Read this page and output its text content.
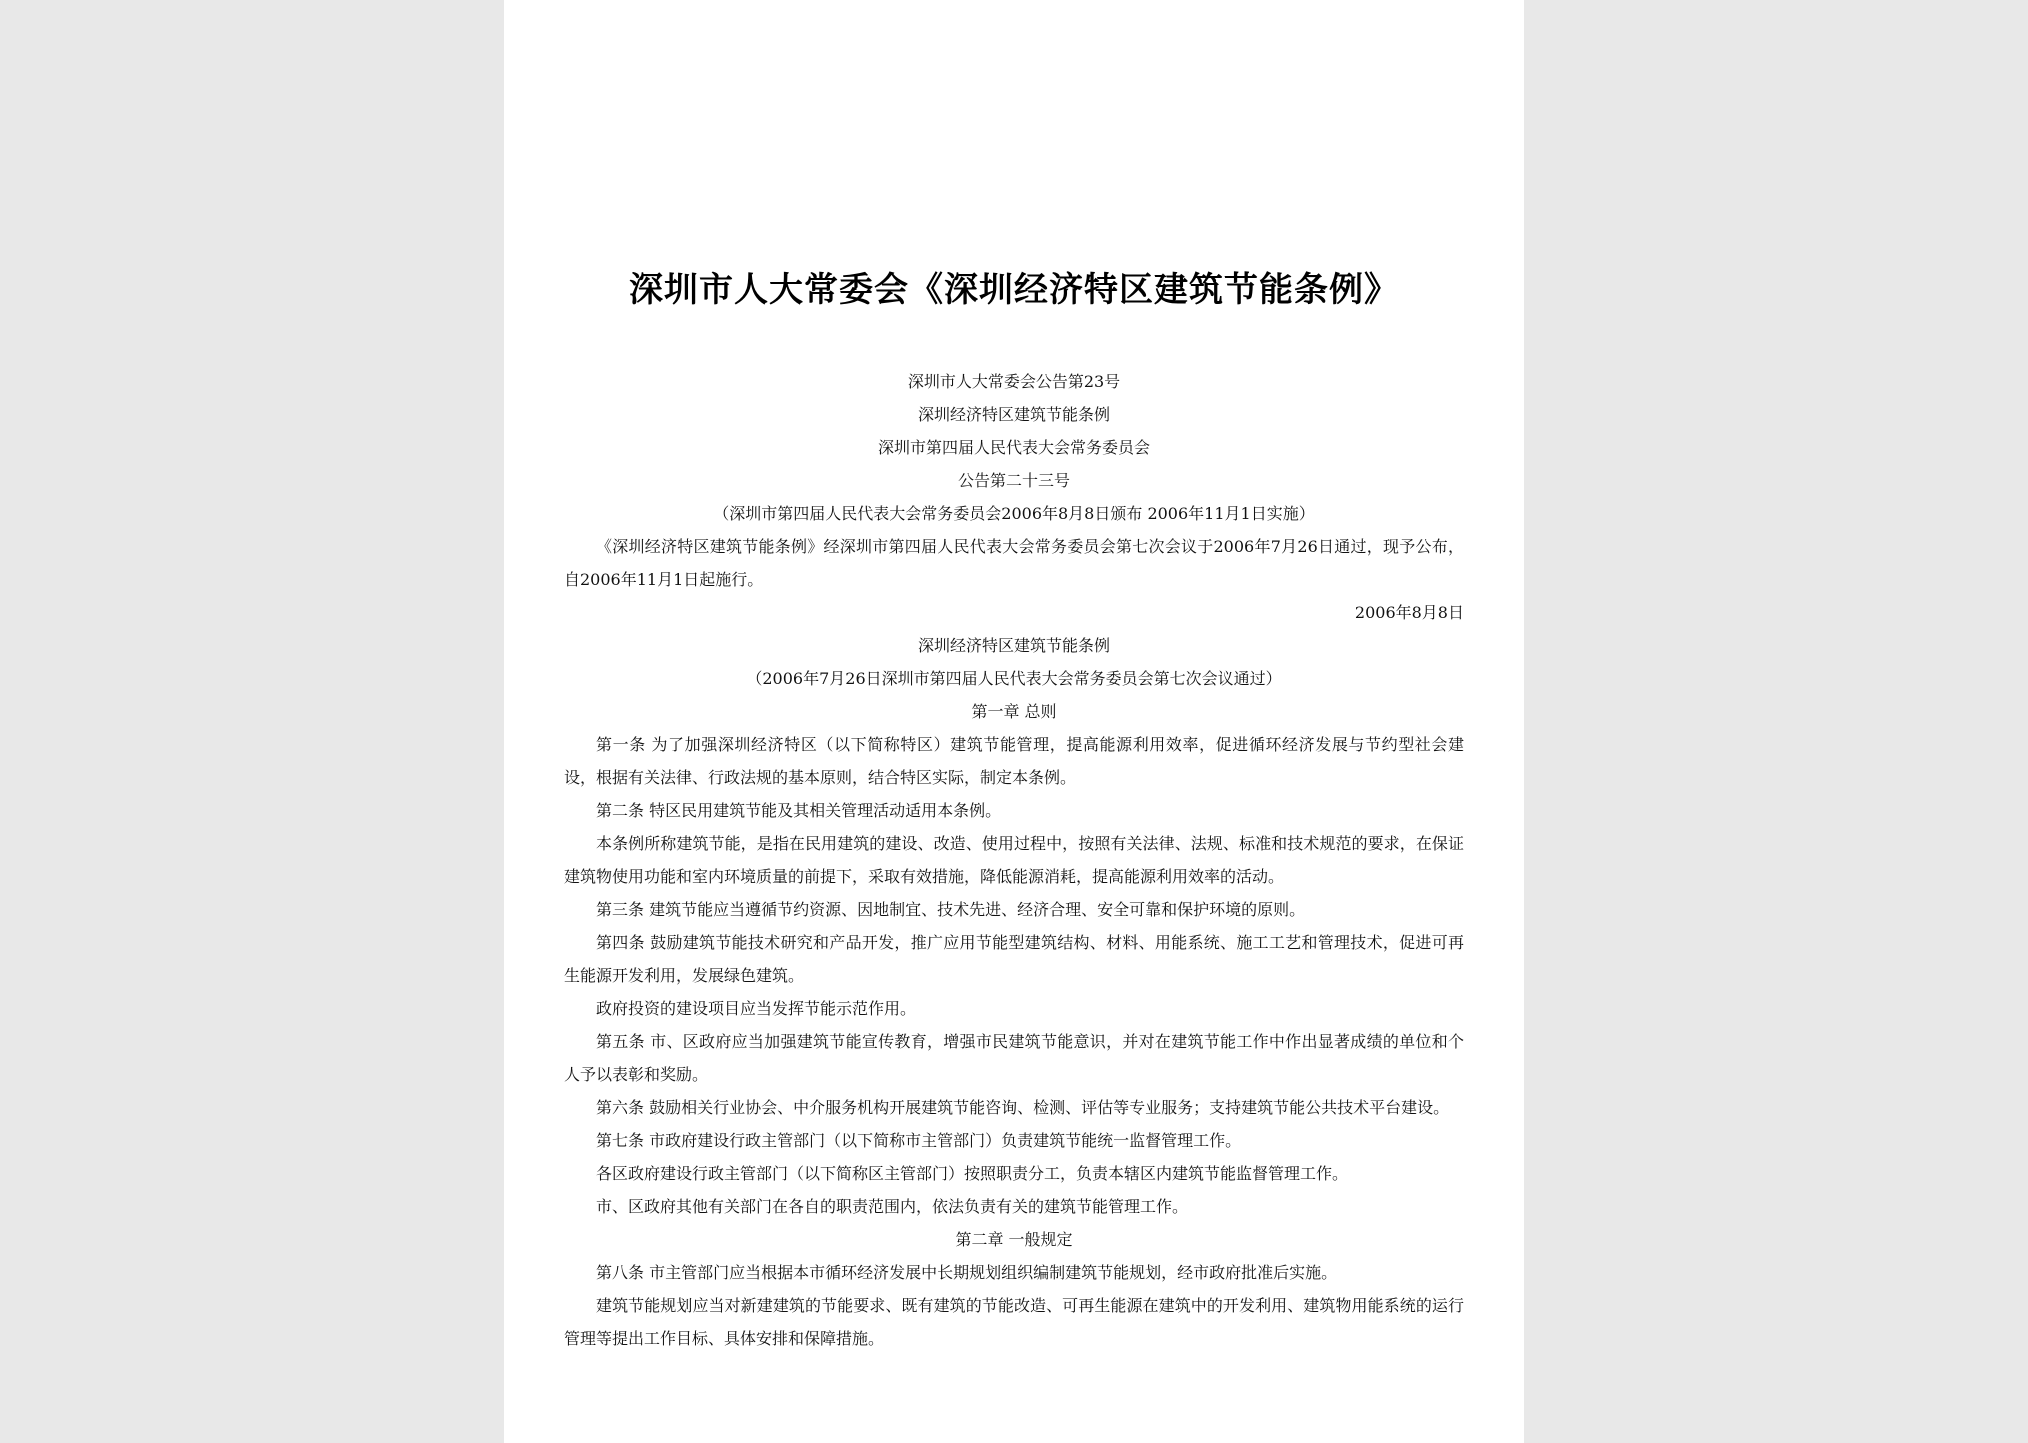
深圳市人大常委会《深圳经济特区建筑节能条例》

深圳市人大常委会公告第23号

深圳经济特区建筑节能条例

深圳市第四届人民代表大会常务委员会

公告第二十三号

（深圳市第四届人民代表大会常务委员会2006年8月8日颁布 2006年11月1日实施）

《深圳经济特区建筑节能条例》经深圳市第四届人民代表大会常务委员会第七次会议于2006年7月26日通过，现予公布，自2006年11月1日起施行。

2006年8月8日

深圳经济特区建筑节能条例

（2006年7月26日深圳市第四届人民代表大会常务委员会第七次会议通过）

第一章 总则

第一条 为了加强深圳经济特区（以下简称特区）建筑节能管理，提高能源利用效率，促进循环经济发展与节约型社会建设，根据有关法律、行政法规的基本原则，结合特区实际，制定本条例。

第二条 特区民用建筑节能及其相关管理活动适用本条例。

本条例所称建筑节能，是指在民用建筑的建设、改造、使用过程中，按照有关法律、法规、标准和技术规范的要求，在保证建筑物使用功能和室内环境质量的前提下，采取有效措施，降低能源消耗，提高能源利用效率的活动。

第三条 建筑节能应当遵循节约资源、因地制宜、技术先进、经济合理、安全可靠和保护环境的原则。

第四条 鼓励建筑节能技术研究和产品开发，推广应用节能型建筑结构、材料、用能系统、施工工艺和管理技术，促进可再生能源开发利用，发展绿色建筑。

政府投资的建设项目应当发挥节能示范作用。

第五条 市、区政府应当加强建筑节能宣传教育，增强市民建筑节能意识，并对在建筑节能工作中作出显著成绩的单位和个人予以表彰和奖励。

第六条 鼓励相关行业协会、中介服务机构开展建筑节能咨询、检测、评估等专业服务；支持建筑节能公共技术平台建设。

第七条 市政府建设行政主管部门（以下简称市主管部门）负责建筑节能统一监督管理工作。

各区政府建设行政主管部门（以下简称区主管部门）按照职责分工，负责本辖区内建筑节能监督管理工作。

市、区政府其他有关部门在各自的职责范围内，依法负责有关的建筑节能管理工作。

第二章 一般规定

第八条 市主管部门应当根据本市循环经济发展中长期规划组织编制建筑节能规划，经市政府批准后实施。

建筑节能规划应当对新建建筑的节能要求、既有建筑的节能改造、可再生能源在建筑中的开发利用、建筑物用能系统的运行管理等提出工作目标、具体安排和保障措施。
